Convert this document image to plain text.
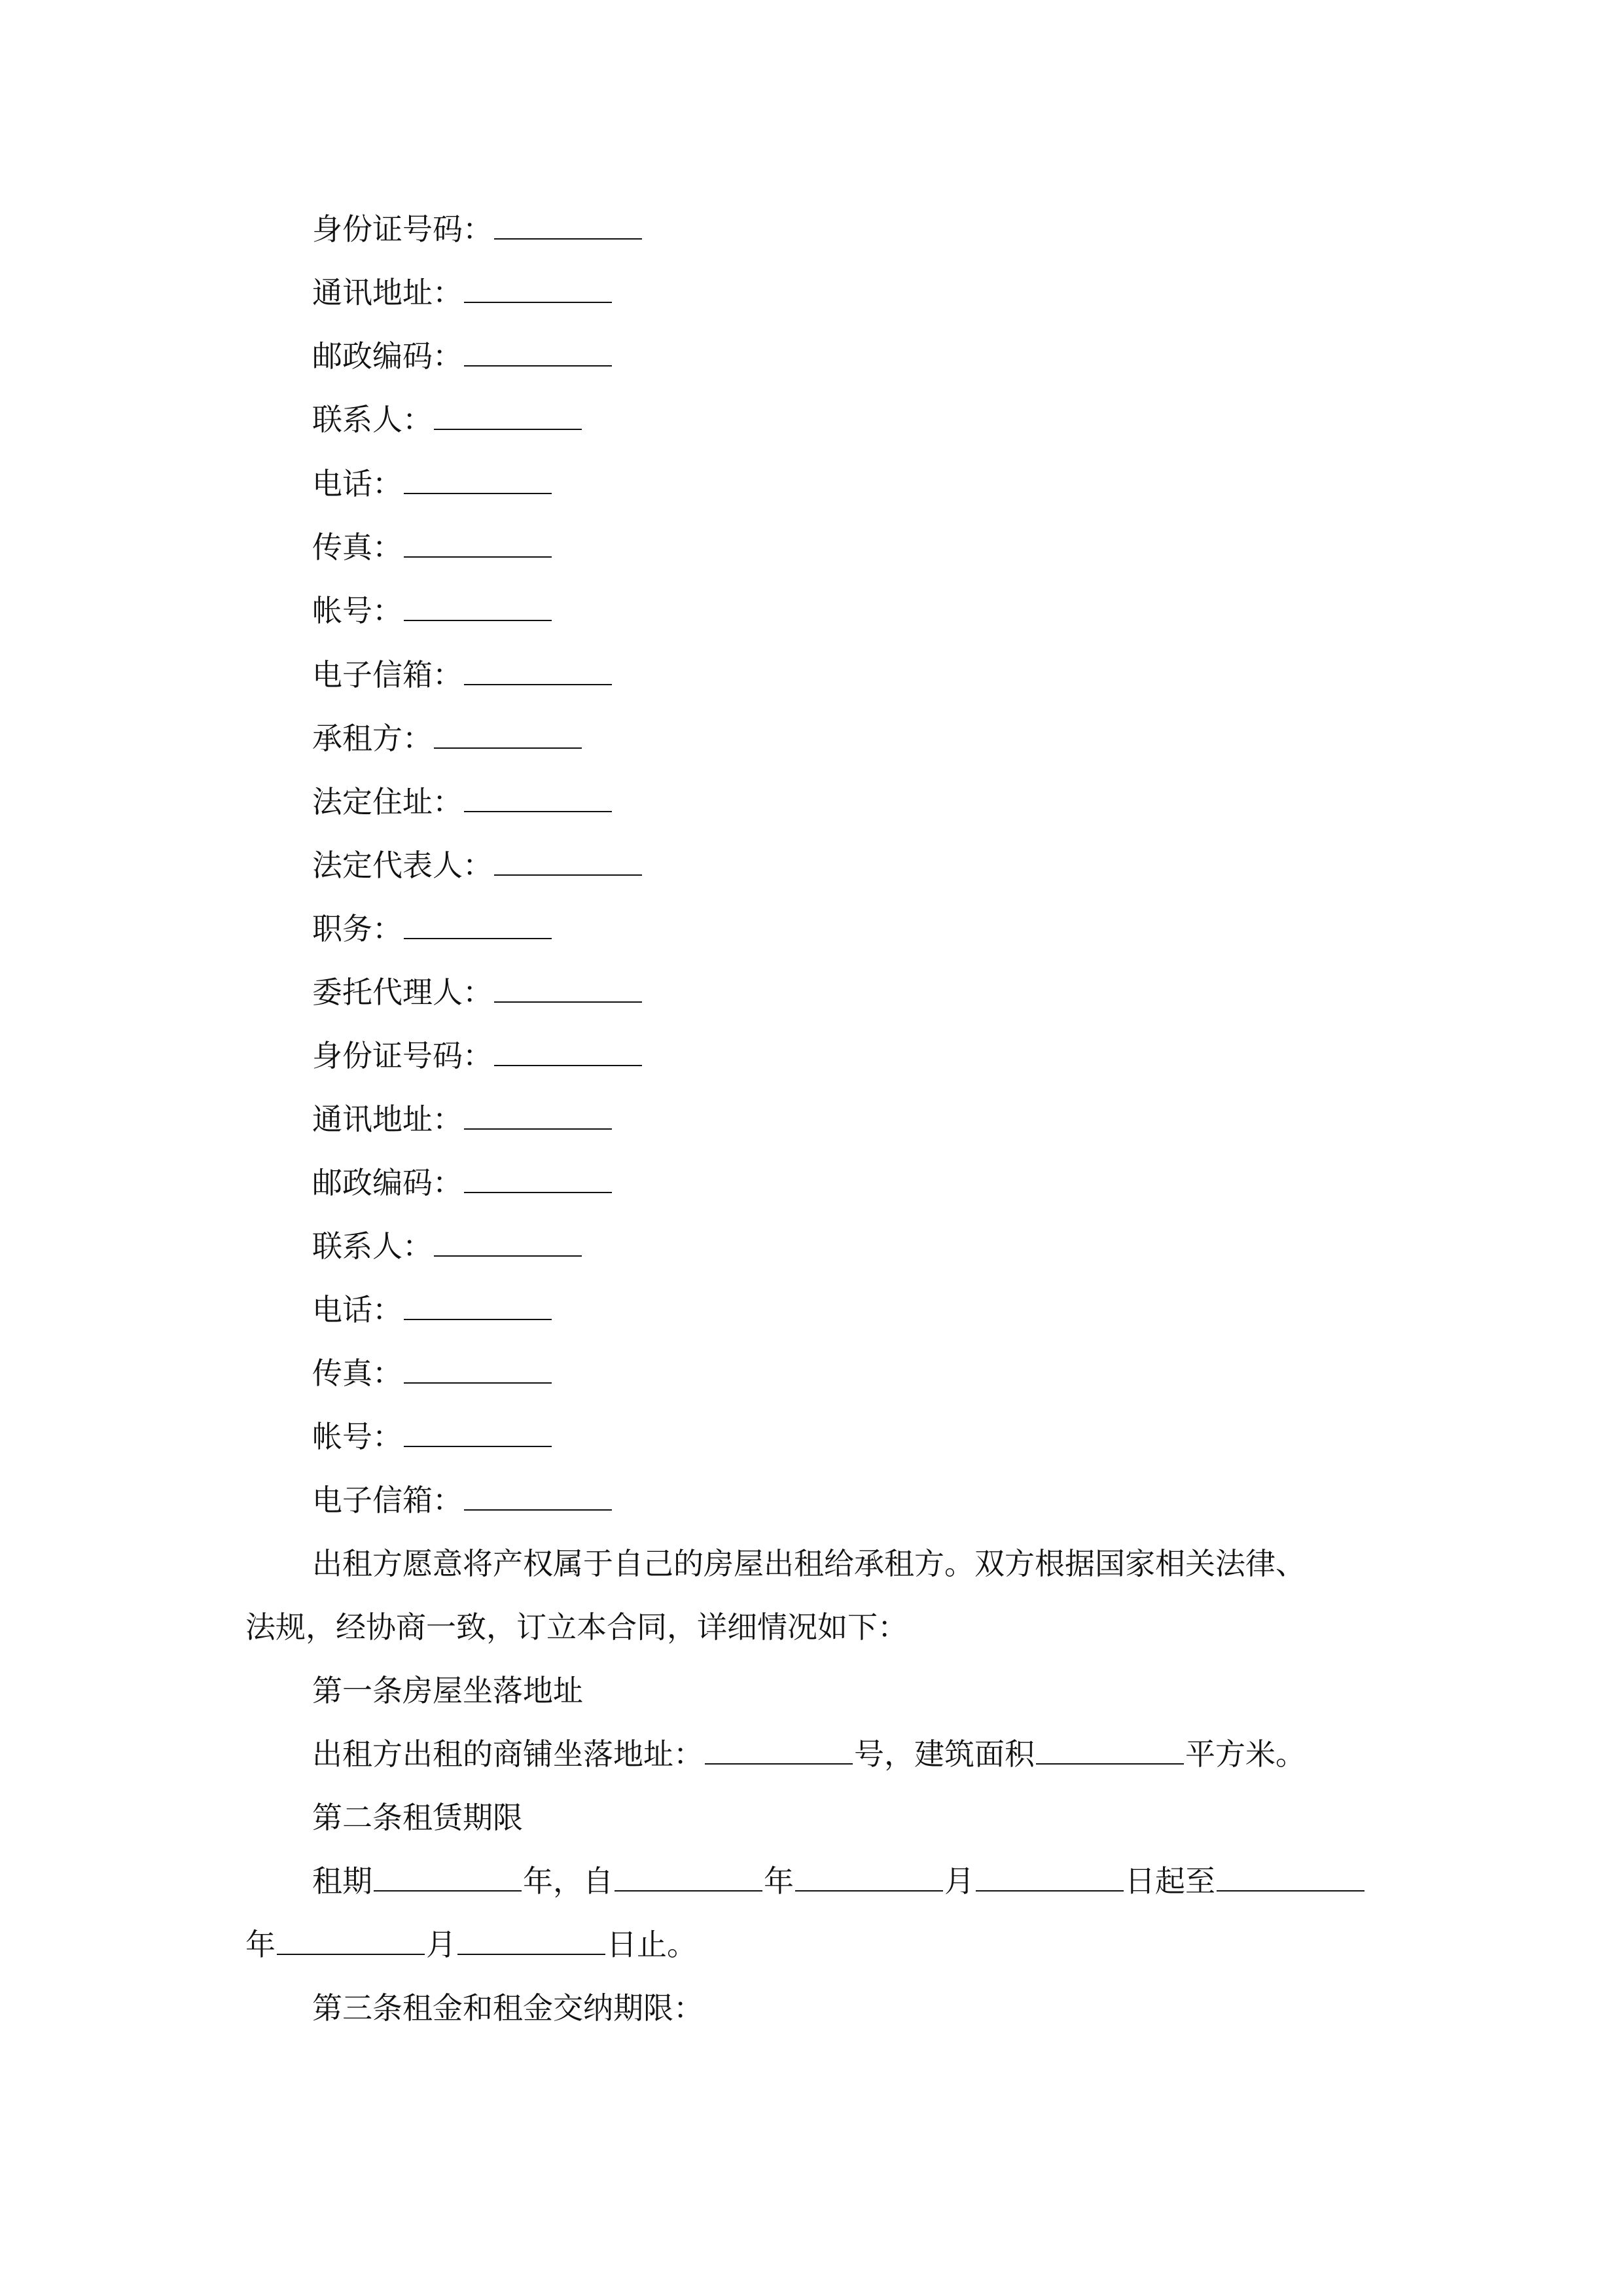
身份证号码：
通讯地址：
邮政编码：
联系人：
电话：
传真：
帐号：
电子信箱：
承租方：
法定住址：
法定代表人：
职务：
委托代理人：
身份证号码：
通讯地址：
邮政编码：
联系人：
电话：
传真：
帐号：
电子信箱：
出租方愿意将产权属于自己的房屋出租给承租方。双方根据国家相关法律、
法规，经协商一致，订立本合同，详细情况如下：
第一条房屋坐落地址
出租方出租的商铺坐落地址：	号，建筑面积	平方米。
第二条租赁期限
租期	年，自	年	月	日起至
年	月	日止。
第三条租金和租金交纳期限：
